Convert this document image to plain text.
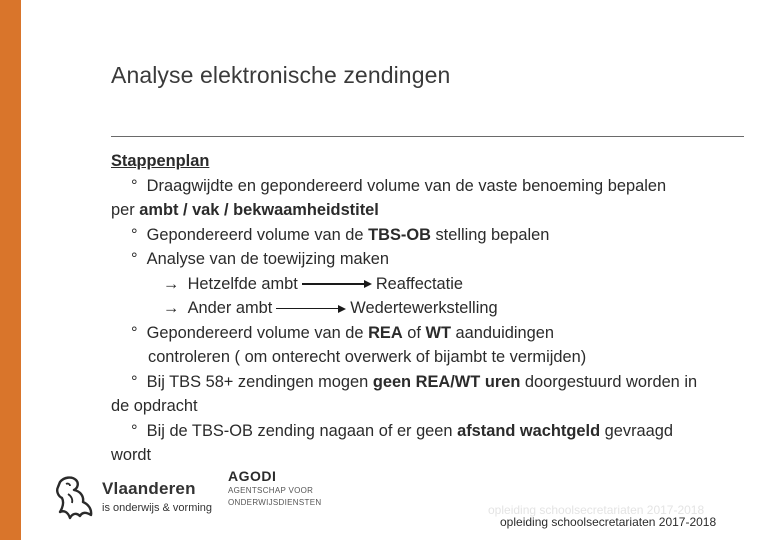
Analyse elektronische zendingen
Stappenplan
° Draagwijdte en gepondereerd volume van de vaste benoeming bepalen
per ambt / vak / bekwaamheidstitel
° Gepondereerd volume van de TBS-OB stelling bepalen
° Analyse van de toewijzing maken
→ Hetzelfde ambt	Reaffectatie
→ Ander ambt	Wedertewerkstelling
° Gepondereerd volume van de REA of WT aanduidingen
controleren ( om onterecht overwerk of bijambt te vermijden)
° Bij TBS 58+ zendingen mogen geen REA/WT uren doorgestuurd worden in
de opdracht
° Bij de TBS-OB zending nagaan of er geen afstand wachtgeld gevraagd
wordt
Vlaanderen
is onderwijs & vorming
AGODI
AGENTSCHAP VOOR
ONDERWIJSDIENSTEN
opleiding schoolsecretariaten 2017-2018
opleiding schoolsecretariaten 2017-2018
